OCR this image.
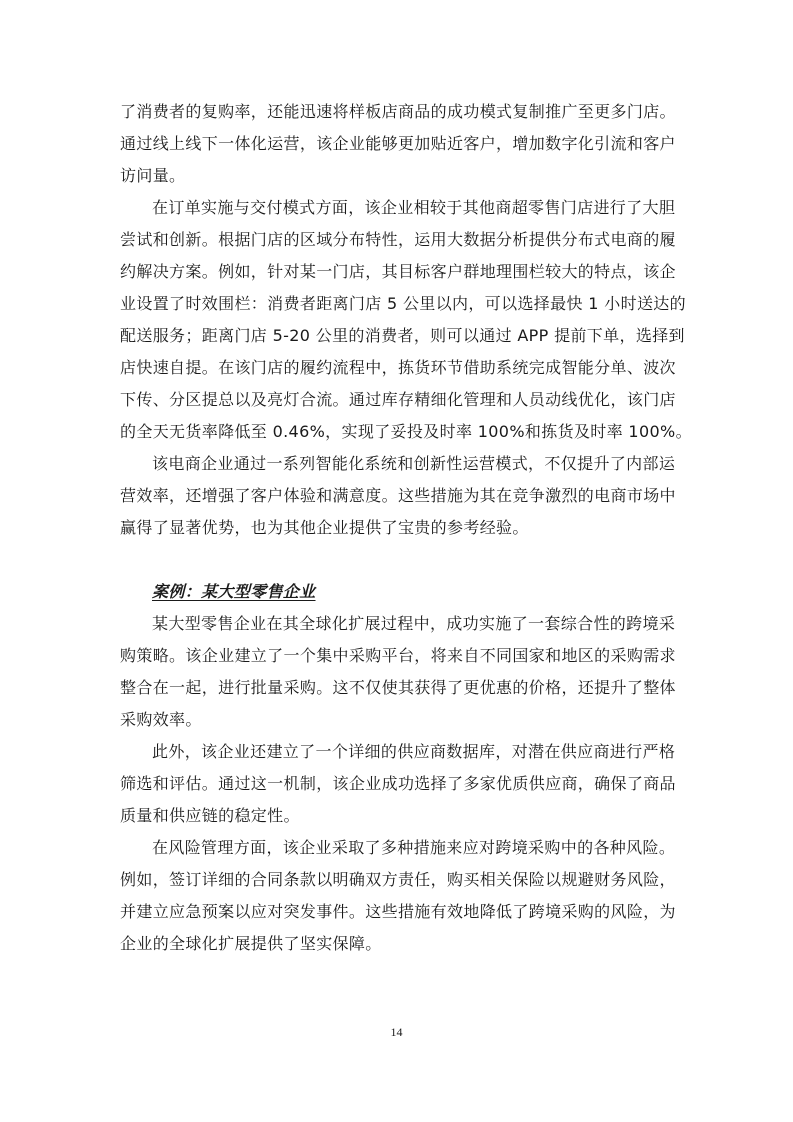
了消费者的复购率，还能迅速将样板店商品的成功模式复制推广至更多门店。
通过线上线下一体化运营，该企业能够更加贴近客户，增加数字化引流和客户
访问量。
在订单实施与交付模式方面，该企业相较于其他商超零售门店进行了大胆
尝试和创新。根据门店的区域分布特性，运用大数据分析提供分布式电商的履
约解决方案。例如，针对某一门店，其目标客户群地理围栏较大的特点，该企
业设置了时效围栏：消费者距离门店 5 公里以内，可以选择最快 1 小时送达的
配送服务；距离门店 5-20 公里的消费者，则可以通过 APP 提前下单，选择到
店快速自提。在该门店的履约流程中，拣货环节借助系统完成智能分单、波次
下传、分区提总以及亮灯合流。通过库存精细化管理和人员动线优化，该门店
的全天无货率降低至 0.46%，实现了妥投及时率 100%和拣货及时率 100%。
该电商企业通过一系列智能化系统和创新性运营模式，不仅提升了内部运
营效率，还增强了客户体验和满意度。这些措施为其在竞争激烈的电商市场中
赢得了显著优势，也为其他企业提供了宝贵的参考经验。
案例：某大型零售企业
某大型零售企业在其全球化扩展过程中，成功实施了一套综合性的跨境采
购策略。该企业建立了一个集中采购平台，将来自不同国家和地区的采购需求
整合在一起，进行批量采购。这不仅使其获得了更优惠的价格，还提升了整体
采购效率。
此外，该企业还建立了一个详细的供应商数据库，对潜在供应商进行严格
筛选和评估。通过这一机制，该企业成功选择了多家优质供应商，确保了商品
质量和供应链的稳定性。
在风险管理方面，该企业采取了多种措施来应对跨境采购中的各种风险。
例如，签订详细的合同条款以明确双方责任，购买相关保险以规避财务风险，
并建立应急预案以应对突发事件。这些措施有效地降低了跨境采购的风险，为
企业的全球化扩展提供了坚实保障。
14
